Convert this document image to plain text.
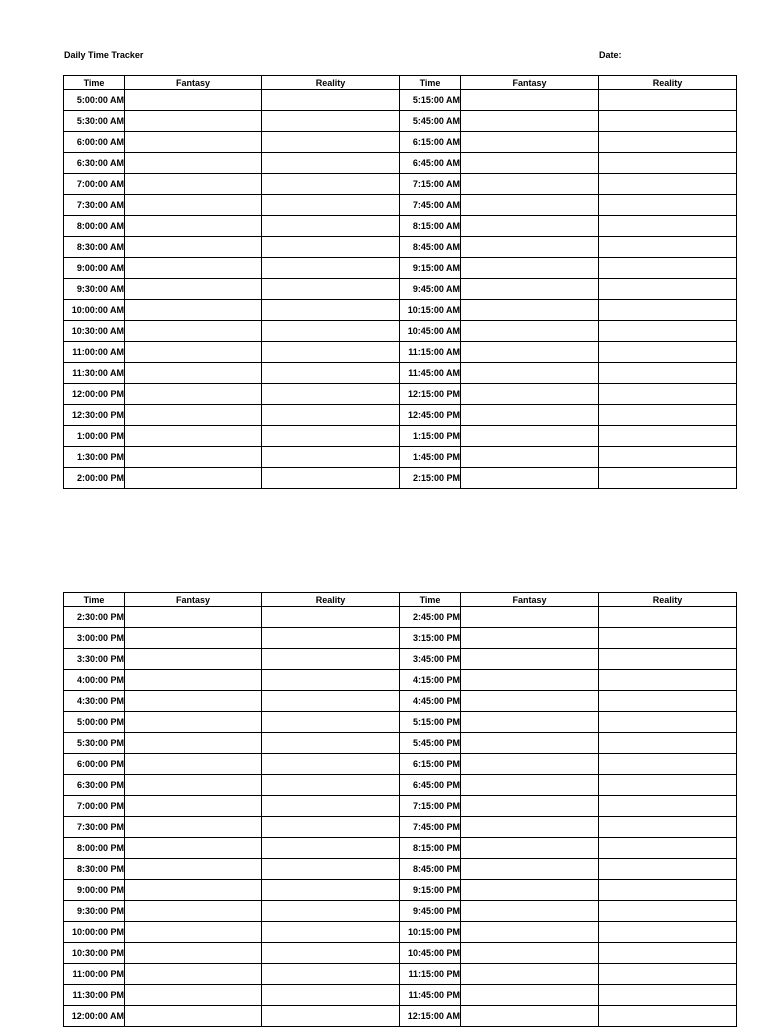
Daily Time Tracker	Date:
Time	Fantasy	Reality	Time	Fantasy	Reality
5:00:00 AM			5:15:00 AM		
5:30:00 AM			5:45:00 AM		
6:00:00 AM			6:15:00 AM		
6:30:00 AM			6:45:00 AM		
7:00:00 AM			7:15:00 AM		
7:30:00 AM			7:45:00 AM		
8:00:00 AM			8:15:00 AM		
8:30:00 AM			8:45:00 AM		
9:00:00 AM			9:15:00 AM		
9:30:00 AM			9:45:00 AM		
10:00:00 AM			10:15:00 AM		
10:30:00 AM			10:45:00 AM		
11:00:00 AM			11:15:00 AM		
11:30:00 AM			11:45:00 AM		
12:00:00 PM			12:15:00 PM		
12:30:00 PM			12:45:00 PM		
1:00:00 PM			1:15:00 PM		
1:30:00 PM			1:45:00 PM		
2:00:00 PM			2:15:00 PM		
Time	Fantasy	Reality	Time	Fantasy	Reality
2:30:00 PM			2:45:00 PM		
3:00:00 PM			3:15:00 PM		
3:30:00 PM			3:45:00 PM		
4:00:00 PM			4:15:00 PM		
4:30:00 PM			4:45:00 PM		
5:00:00 PM			5:15:00 PM		
5:30:00 PM			5:45:00 PM		
6:00:00 PM			6:15:00 PM		
6:30:00 PM			6:45:00 PM		
7:00:00 PM			7:15:00 PM		
7:30:00 PM			7:45:00 PM		
8:00:00 PM			8:15:00 PM		
8:30:00 PM			8:45:00 PM		
9:00:00 PM			9:15:00 PM		
9:30:00 PM			9:45:00 PM		
10:00:00 PM			10:15:00 PM		
10:30:00 PM			10:45:00 PM		
11:00:00 PM			11:15:00 PM		
11:30:00 PM			11:45:00 PM		
12:00:00 AM			12:15:00 AM		
